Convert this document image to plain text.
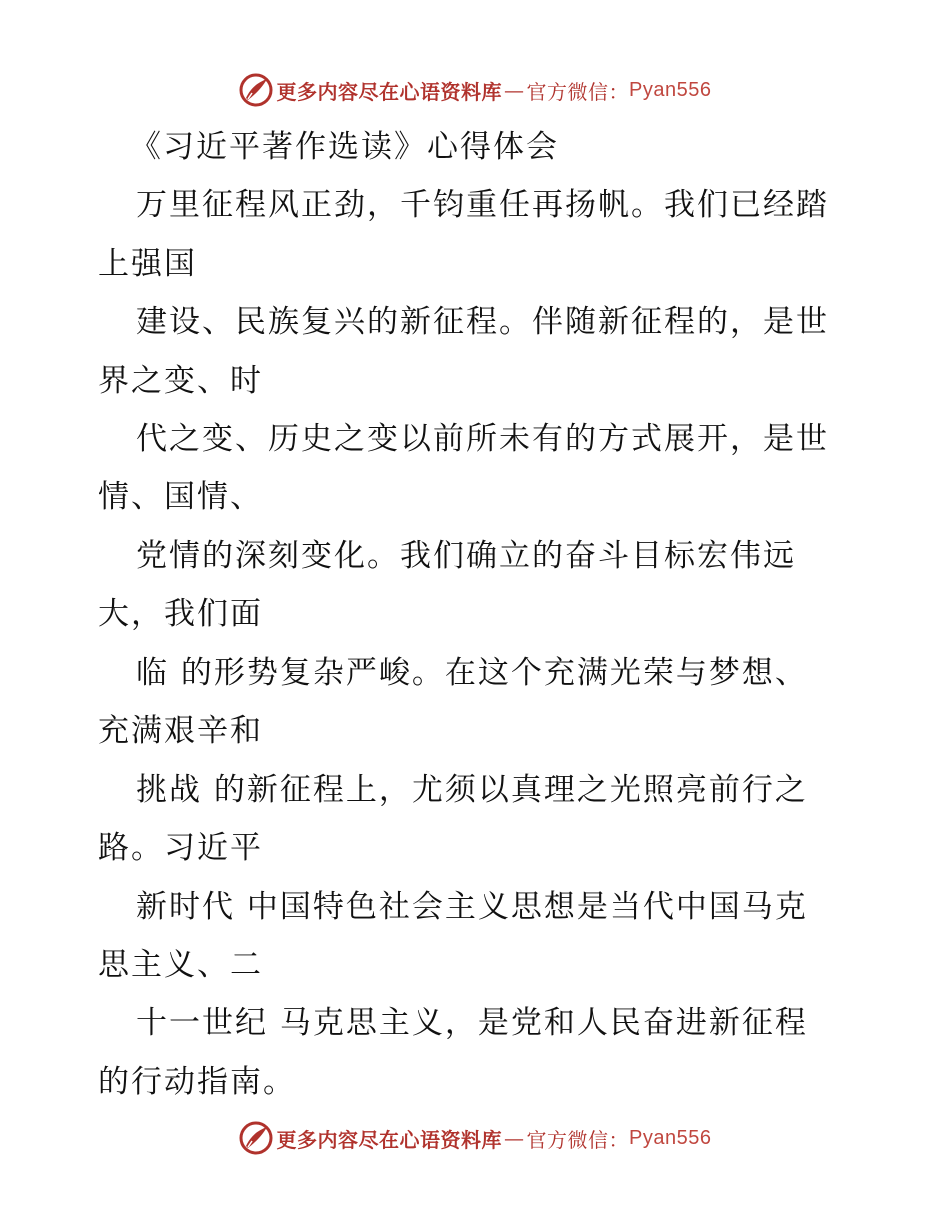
更多内容尽在心语资料库 — 官方微信： Pyan556
《习近平著作选读》心得体会
万里征程风正劲，千钧重任再扬帆。我们已经踏
上强国
建设、民族复兴的新征程。伴随新征程的，是世
界之变、时
代之变、历史之变以前所未有的方式展开，是世
情、国情、
党情的深刻变化。我们确立的奋斗目标宏伟远
大，我们面
临 的形势复杂严峻。在这个充满光荣与梦想、
充满艰辛和
挑战 的新征程上，尤须以真理之光照亮前行之
路。习近平
新时代 中国特色社会主义思想是当代中国马克
思主义、二
十一世纪 马克思主义，是党和人民奋进新征程
的行动指南。
更多内容尽在心语资料库 — 官方微信： Pyan556
